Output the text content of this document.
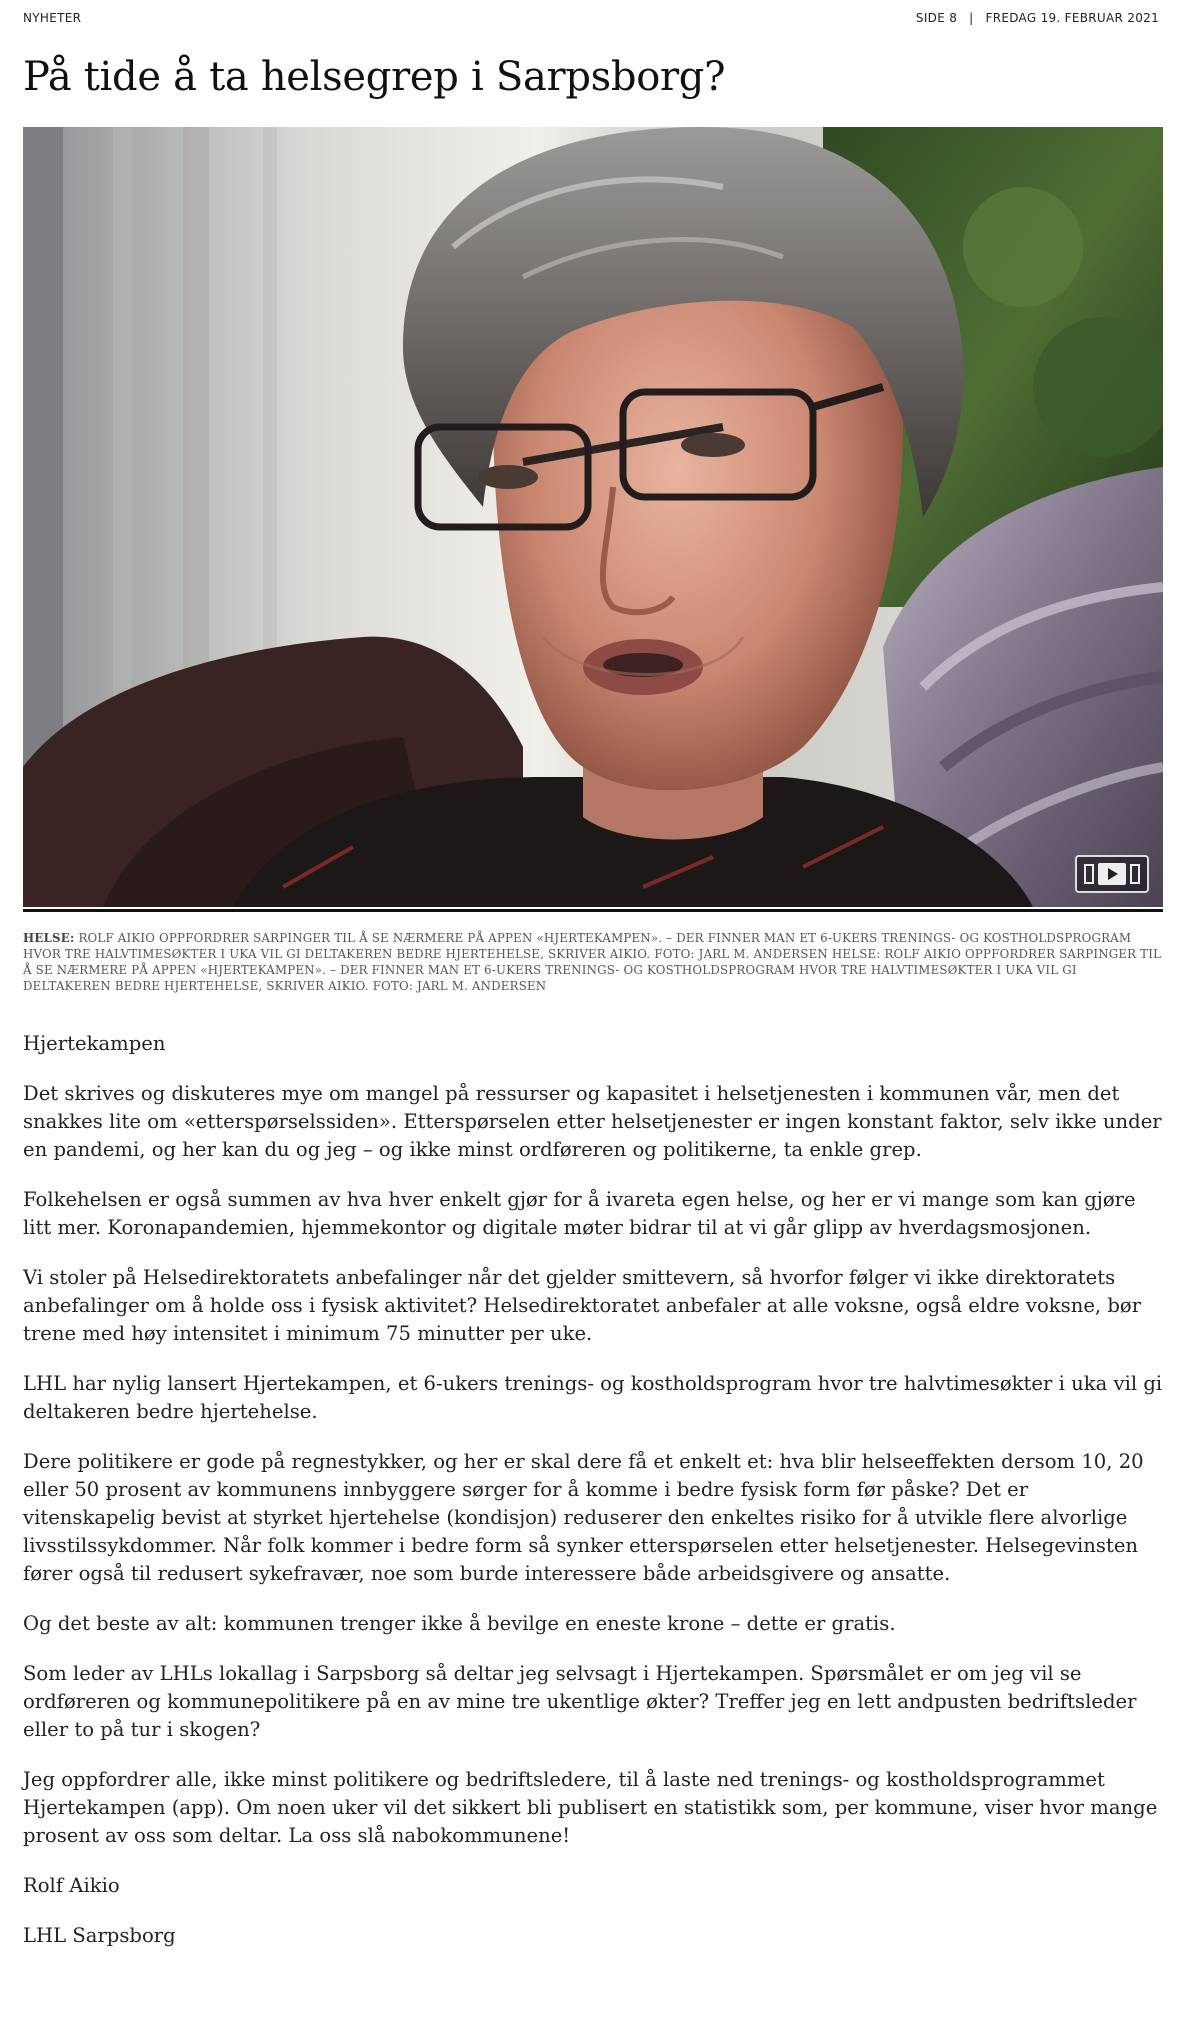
NYHETER	SIDE 8 | FREDAG 19. FEBRUAR 2021
På tide å ta helsegrep i Sarpsborg?
HELSE: ROLF AIKIO OPPFORDRER SARPINGER TIL Å SE NÆRMERE PÅ APPEN «HJERTEKAMPEN». – DER FINNER MAN ET 6-UKERS TRENINGS- OG KOSTHOLDSPROGRAM HVOR TRE HALVTIMESØKTER I UKA VIL GI DELTAKEREN BEDRE HJERTEHELSE, SKRIVER AIKIO. FOTO: JARL M. ANDERSEN HELSE: ROLF AIKIO OPPFORDRER SARPINGER TIL Å SE NÆRMERE PÅ APPEN «HJERTEKAMPEN». – DER FINNER MAN ET 6-UKERS TRENINGS- OG KOSTHOLDSPROGRAM HVOR TRE HALVTIMESØKTER I UKA VIL GI DELTAKEREN BEDRE HJERTEHELSE, SKRIVER AIKIO. FOTO: JARL M. ANDERSEN

Hjertekampen

Det skrives og diskuteres mye om mangel på ressurser og kapasitet i helsetjenesten i kommunen vår, men det snakkes lite om «etterspørselssiden». Etterspørselen etter helsetjenester er ingen konstant faktor, selv ikke under en pandemi, og her kan du og jeg – og ikke minst ordføreren og politikerne, ta enkle grep.

Folkehelsen er også summen av hva hver enkelt gjør for å ivareta egen helse, og her er vi mange som kan gjøre litt mer. Koronapandemien, hjemmekontor og digitale møter bidrar til at vi går glipp av hverdagsmosjonen.

Vi stoler på Helsedirektoratets anbefalinger når det gjelder smittevern, så hvorfor følger vi ikke direktoratets anbefalinger om å holde oss i fysisk aktivitet? Helsedirektoratet anbefaler at alle voksne, også eldre voksne, bør trene med høy intensitet i minimum 75 minutter per uke.

LHL har nylig lansert Hjertekampen, et 6-ukers trenings- og kostholdsprogram hvor tre halvtimesøkter i uka vil gi deltakeren bedre hjertehelse.

Dere politikere er gode på regnestykker, og her er skal dere få et enkelt et: hva blir helseeffekten dersom 10, 20 eller 50 prosent av kommunens innbyggere sørger for å komme i bedre fysisk form før påske? Det er vitenskapelig bevist at styrket hjertehelse (kondisjon) reduserer den enkeltes risiko for å utvikle flere alvorlige livsstilssykdommer. Når folk kommer i bedre form så synker etterspørselen etter helsetjenester. Helsegevinsten fører også til redusert sykefravær, noe som burde interessere både arbeidsgivere og ansatte.

Og det beste av alt: kommunen trenger ikke å bevilge en eneste krone – dette er gratis.

Som leder av LHLs lokallag i Sarpsborg så deltar jeg selvsagt i Hjertekampen. Spørsmålet er om jeg vil se ordføreren og kommunepolitikere på en av mine tre ukentlige økter? Treffer jeg en lett andpusten bedriftsleder eller to på tur i skogen?

Jeg oppfordrer alle, ikke minst politikere og bedriftsledere, til å laste ned trenings- og kostholdsprogrammet Hjertekampen (app). Om noen uker vil det sikkert bli publisert en statistikk som, per kommune, viser hvor mange prosent av oss som deltar. La oss slå nabokommunene!

Rolf Aikio

LHL Sarpsborg
